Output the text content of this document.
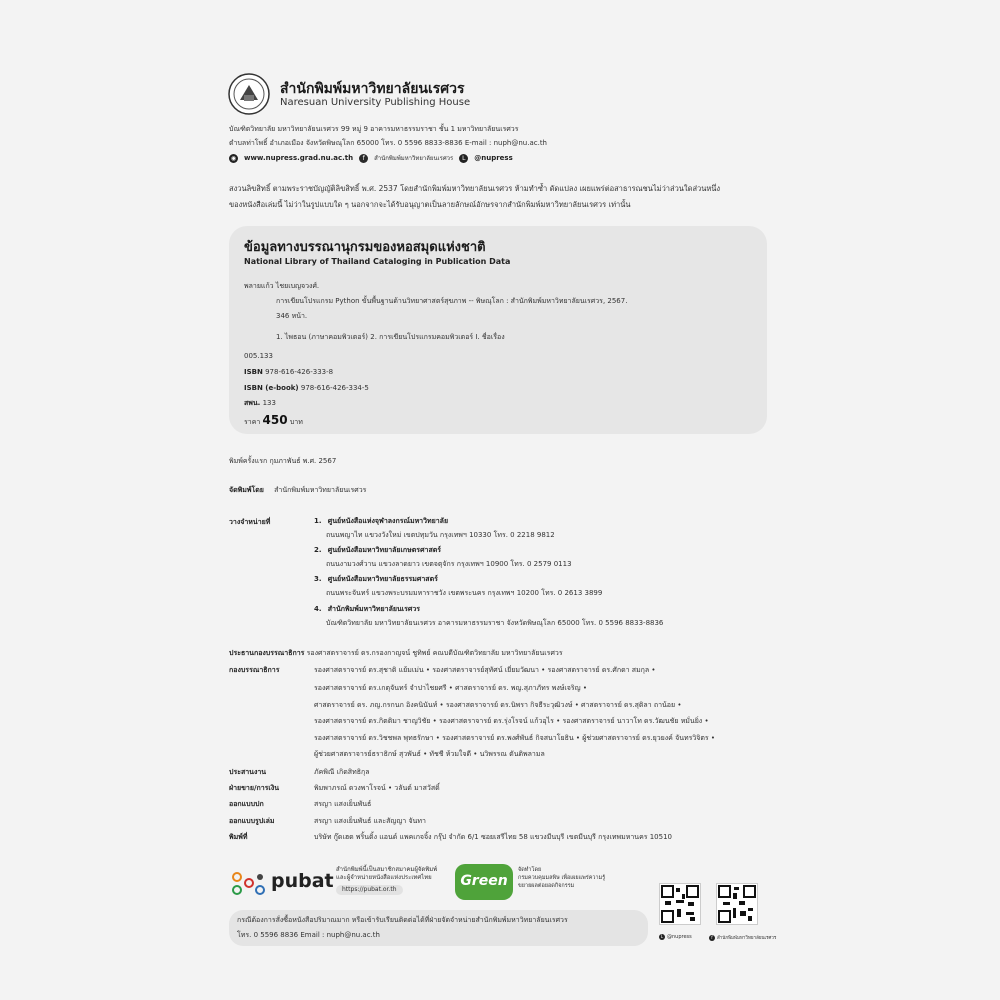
สำนักพิมพ์มหาวิทยาลัยนเรศวร
Naresuan University Publishing House
บัณฑิตวิทยาลัย มหาวิทยาลัยนเรศวร 99 หมู่ 9 อาคารมหาธรรมราชา ชั้น 1 มหาวิทยาลัยนเรศวร
ตำบลท่าโพธิ์ อำเภอเมือง จังหวัดพิษณุโลก 65000 โทร. 0 5596 8833-8836 E-mail : nuph@nu.ac.th
◉ www.nupress.grad.nu.ac.th	f	สำนักพิมพ์มหาวิทยาลัยนเรศวร	L	@nupress
สงวนลิขสิทธิ์ ตามพระราชบัญญัติลิขสิทธิ์ พ.ศ. 2537 โดยสำนักพิมพ์มหาวิทยาลัยนเรศวร ห้ามทำซ้ำ ดัดแปลง เผยแพร่ต่อสาธารณชนไม่ว่าส่วนใดส่วนหนึ่ง
ของหนังสือเล่มนี้ ไม่ว่าในรูปแบบใด ๆ นอกจากจะได้รับอนุญาตเป็นลายลักษณ์อักษรจากสำนักพิมพ์มหาวิทยาลัยนเรศวร เท่านั้น
ข้อมูลทางบรรณานุกรมของหอสมุดแห่งชาติ
National Library of Thailand Cataloging in Publication Data
พลายแก้ว ไชยเบญจวงศ์.
การเขียนโปรแกรม Python ขั้นพื้นฐานด้านวิทยาศาสตร์สุขภาพ -- พิษณุโลก : สำนักพิมพ์มหาวิทยาลัยนเรศวร, 2567.
346 หน้า.
1. ไพธอน (ภาษาคอมพิวเตอร์) 2. การเขียนโปรแกรมคอมพิวเตอร์ I. ชื่อเรื่อง
005.133
ISBN 978-616-426-333-8
ISBN (e-book) 978-616-426-334-5
สพน. 133
ราคา 450 บาท
พิมพ์ครั้งแรก กุมภาพันธ์ พ.ศ. 2567
จัดพิมพ์โดย สำนักพิมพ์มหาวิทยาลัยนเรศวร
วางจำหน่ายที่	1. ศูนย์หนังสือแห่งจุฬาลงกรณ์มหาวิทยาลัย
ถนนพญาไท แขวงวังใหม่ เขตปทุมวัน กรุงเทพฯ 10330 โทร. 0 2218 9812
2. ศูนย์หนังสือมหาวิทยาลัยเกษตรศาสตร์
ถนนงามวงศ์วาน แขวงลาดยาว เขตจตุจักร กรุงเทพฯ 10900 โทร. 0 2579 0113
3. ศูนย์หนังสือมหาวิทยาลัยธรรมศาสตร์
ถนนพระจันทร์ แขวงพระบรมมหาราชวัง เขตพระนคร กรุงเทพฯ 10200 โทร. 0 2613 3899
4. สำนักพิมพ์มหาวิทยาลัยนเรศวร
บัณฑิตวิทยาลัย มหาวิทยาลัยนเรศวร อาคารมหาธรรมราชา จังหวัดพิษณุโลก 65000 โทร. 0 5596 8833-8836
ประธานกองบรรณาธิการ รองศาสตราจารย์ ดร.กรองกาญจน์ ชูทิพย์ คณบดีบัณฑิตวิทยาลัย มหาวิทยาลัยนเรศวร
กองบรรณาธิการ	รองศาสตราจารย์ ดร.สุชาติ แย้มเม่น • รองศาสตราจารย์สุทัศน์ เยี่ยมวัฒนา • รองศาสตราจารย์ ดร.ศักดา สมกุล •
รองศาสตราจารย์ ดร.เกตุจันทร์ จำปาไชยศรี • ศาสตราจารย์ ดร. พญ.สุภาภัทร พงษ์เจริญ •
ศาสตราจารย์ ดร. ภญ.กรกนก อิงคนินันท์ • รองศาสตราจารย์ ดร.นิพรา กิจธีระวุฒิวงษ์ • ศาสตราจารย์ ดร.สุติลา ถาน้อย •
รองศาสตราจารย์ ดร.กิตติมา ชาญวิชัย • รองศาสตราจารย์ ดร.รุ่งโรจน์ แก้วอุไร • รองศาสตราจารย์ นาวาโท ดร.วัฒนชัย หมั่นยิ่ง •
รองศาสตราจารย์ ดร.วิชชพล พุทธรักษา • รองศาสตราจารย์ ดร.พงศ์พันธ์ กิจสนาโยธิน • ผู้ช่วยศาสตราจารย์ ดร.ยุวยงค์ จันทรวิจิตร •
ผู้ช่วยศาสตราจารย์ธราธิกษ์ สุวพันธ์ • ทัชชี ห้วมใจดี • นวิพรรณ ตันติพลามล
ประสานงาน	ภัคพิณี เกิดสิทธิกุล
ฝ่ายขาย/การเงิน	พิมพาภรณ์ ดวงพาโรจน์ • วลันต์ มาสวัสดิ์
ออกแบบปก	สรญา แสงเย็นพันธ์
ออกแบบรูปเล่ม	สรญา แสงเย็นพันธ์ และสัญญา จันทา
พิมพ์ที่	บริษัท กู๊ดเฮด พริ้นติ้ง แอนด์ แพคเกจจิ้ง กรุ๊ป จำกัด 6/1 ซอยเสรีไทย 58 แขวงมีนบุรี เขตมีนบุรี กรุงเทพมหานคร 10510
pubat
สำนักพิมพ์นี้เป็นสมาชิกสมาคมผู้จัดพิมพ์
และผู้จำหน่ายหนังสือแห่งประเทศไทย
https://pubat.or.th
Green
จัดทำโดย
กรมควบคุมมลพิษ เพื่อเผยแพร่ความรู้
ขยายผลต่อยอดกิจกรรม
L @nupress	f สำนักพิมพ์มหาวิทยาลัยนเรศวร
กรณีต้องการสั่งซื้อหนังสือปริมาณมาก หรือเข้ารับเรียนติดต่อได้ที่ฝ่ายจัดจำหน่ายสำนักพิมพ์มหาวิทยาลัยนเรศวร
โทร. 0 5596 8836 Email : nuph@nu.ac.th
